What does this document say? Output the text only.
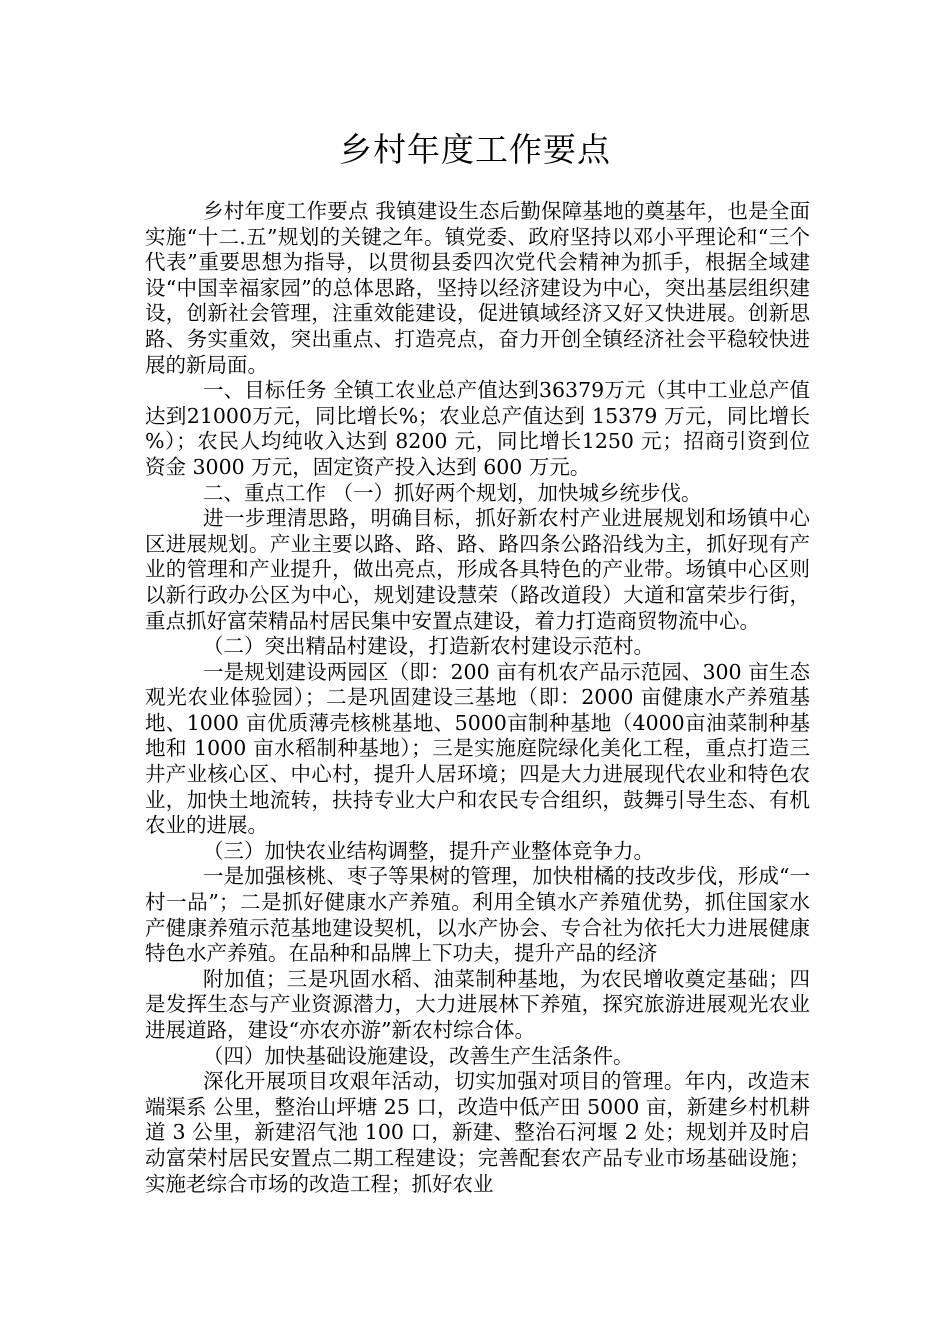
乡村年度工作要点

乡村年度工作要点 我镇建设生态后勤保障基地的奠基年，也是全面实施“十二.五”规划的关键之年。镇党委、政府坚持以邓小平理论和“三个代表”重要思想为指导，以贯彻县委四次党代会精神为抓手，根据全域建设“中国幸福家园”的总体思路，坚持以经济建设为中心，突出基层组织建设，创新社会管理，注重效能建设，促进镇域经济又好又快进展。创新思路、务实重效，突出重点、打造亮点，奋力开创全镇经济社会平稳较快进展的新局面。

一、目标任务 全镇工农业总产值达到36379万元（其中工业总产值达到21000万元，同比增长%；农业总产值达到 15379 万元，同比增长 %）；农民人均纯收入达到 8200 元，同比增长1250 元；招商引资到位资金 3000 万元，固定资产投入达到 600 万元。

二、重点工作 （一）抓好两个规划，加快城乡统步伐。

进一步理清思路，明确目标，抓好新农村产业进展规划和场镇中心区进展规划。产业主要以路、路、路、路四条公路沿线为主，抓好现有产业的管理和产业提升，做出亮点，形成各具特色的产业带。场镇中心区则以新行政办公区为中心，规划建设慧荣（路改道段）大道和富荣步行街，重点抓好富荣精品村居民集中安置点建设，着力打造商贸物流中心。

（二）突出精品村建设，打造新农村建设示范村。

一是规划建设两园区（即：200 亩有机农产品示范园、300 亩生态观光农业体验园）；二是巩固建设三基地（即：2000 亩健康水产养殖基地、1000 亩优质薄壳核桃基地、5000亩制种基地（4000亩油菜制种基地和 1000 亩水稻制种基地）；三是实施庭院绿化美化工程，重点打造三井产业核心区、中心村，提升人居环境；四是大力进展现代农业和特色农业，加快土地流转，扶持专业大户和农民专合组织，鼓舞引导生态、有机农业的进展。

（三）加快农业结构调整，提升产业整体竞争力。

一是加强核桃、枣子等果树的管理，加快柑橘的技改步伐，形成“一村一品”；二是抓好健康水产养殖。利用全镇水产养殖优势，抓住国家水产健康养殖示范基地建设契机，以水产协会、专合社为依托大力进展健康特色水产养殖。在品种和品牌上下功夫，提升产品的经济

附加值；三是巩固水稻、油菜制种基地，为农民增收奠定基础；四是发挥生态与产业资源潜力，大力进展林下养殖，探究旅游进展观光农业进展道路，建设“亦农亦游”新农村综合体。

（四）加快基础设施建设，改善生产生活条件。

深化开展项目攻艰年活动，切实加强对项目的管理。年内，改造末端渠系 公里，整治山坪塘 25 口，改造中低产田 5000 亩，新建乡村机耕道 3 公里，新建沼气池 100 口，新建、整治石河堰 2 处；规划并及时启动富荣村居民安置点二期工程建设；完善配套农产品专业市场基础设施；实施老综合市场的改造工程；抓好农业
